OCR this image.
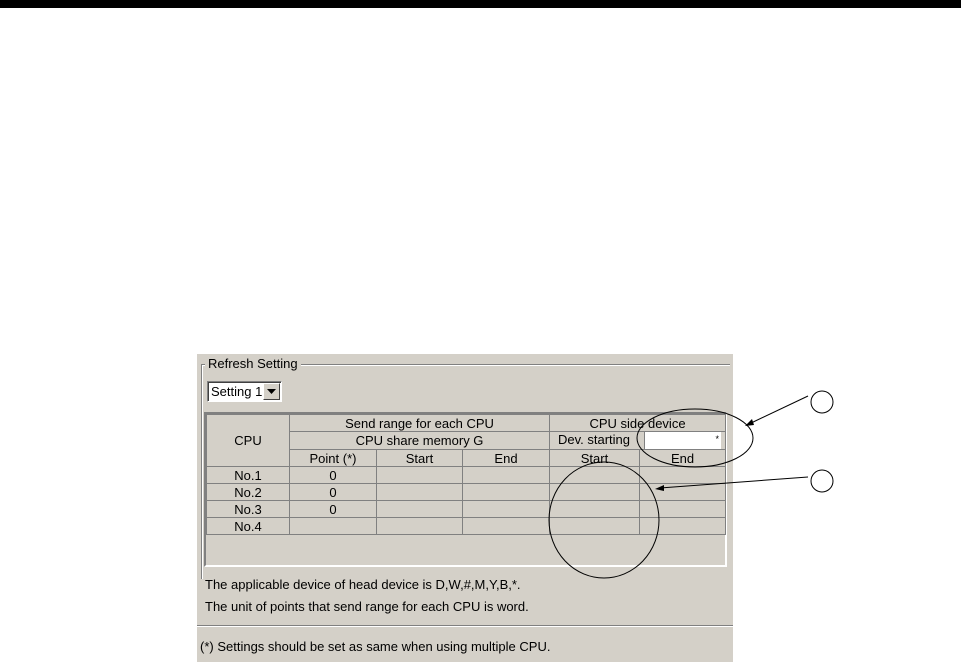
Refresh Setting
Setting 1
CPU	Send range for each CPU			CPU side device	
	CPU share memory G			Dev. starting *	

	Point (*)	Start	End	Start	End
No.1	0				
No.2	0				
No.3	0				
No.4					
The applicable device of head device is D,W,#,M,Y,B,*.
The unit of points that send range for each CPU is word.
(*) Settings should be set as same when using multiple CPU.
